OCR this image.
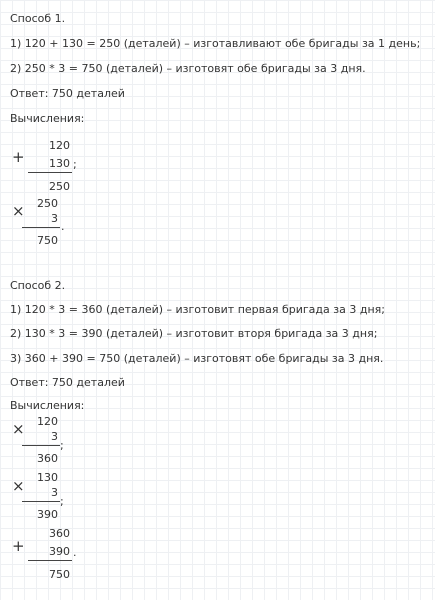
Способ 1.
1) 120 + 130 = 250 (деталей) – изготавливают обе бригады за 1 день;
2) 250 * 3 = 750 (деталей) – изготовят обе бригады за 3 дня.
Ответ: 750 деталей
Вычисления:
+
120
130 ;
250
×	250
3
.
750
Способ 2.
1) 120 * 3 = 360 (деталей) – изготовит первая бригада за 3 дня;
2) 130 * 3 = 390 (деталей) – изготовит вторя бригада за 3 дня;
3) 360 + 390 = 750 (деталей) – изготовят обе бригады за 3 дня.
Ответ: 750 деталей
Вычисления:
×	120
3
;
360
×	130
3
;
390
+
360
390 .
750
